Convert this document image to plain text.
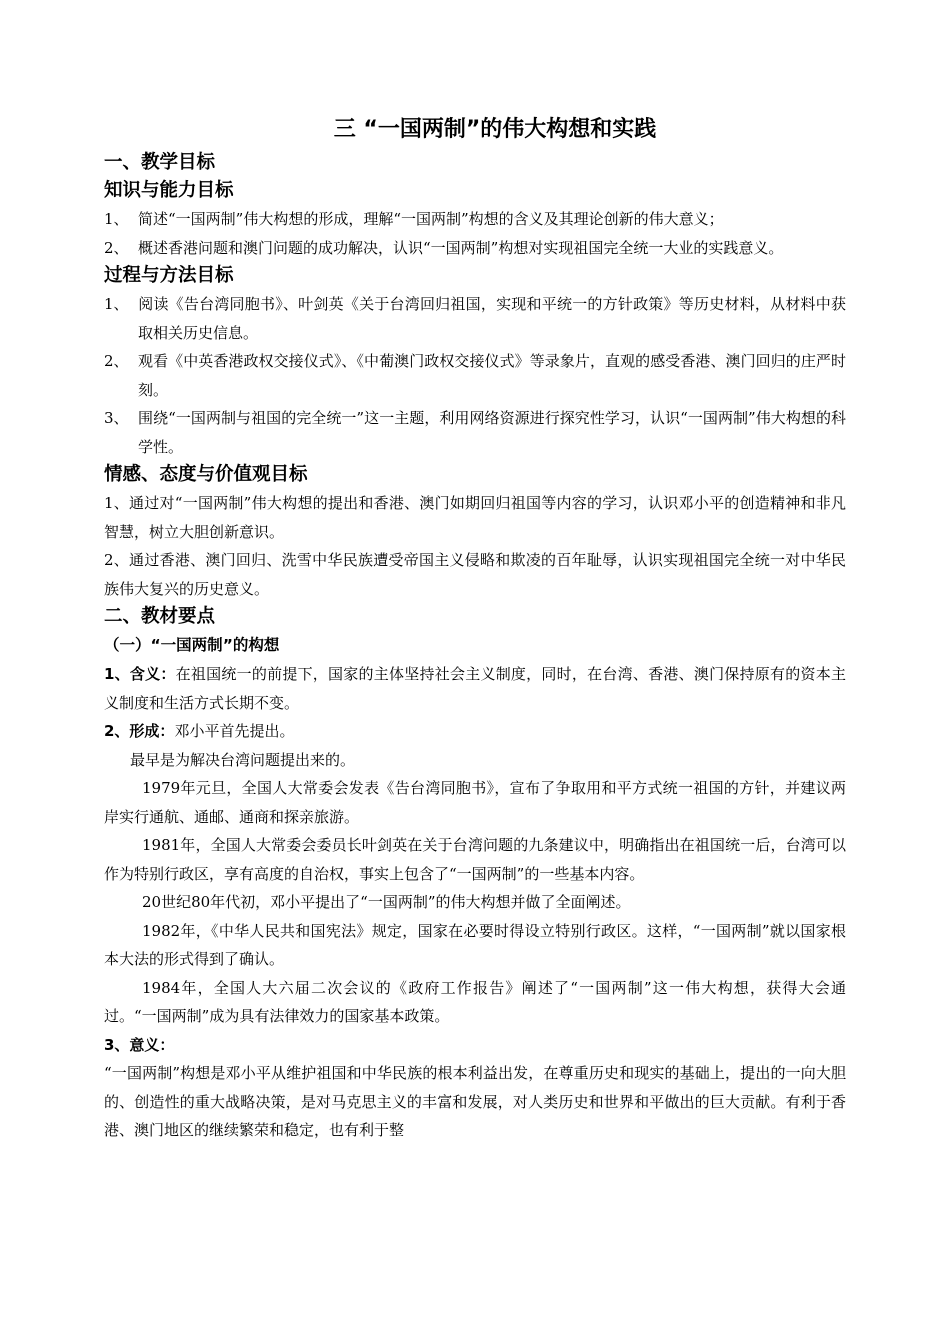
三 “一国两制”的伟大构想和实践
一、教学目标
知识与能力目标

1、 简述“一国两制”伟大构想的形成，理解“一国两制”构想的含义及其理论创新的伟大意义；

2、 概述香港问题和澳门问题的成功解决，认识“一国两制”构想对实现祖国完全统一大业的实践意义。

过程与方法目标

1、 阅读《告台湾同胞书》、叶剑英《关于台湾回归祖国，实现和平统一的方针政策》等历史材料，从材料中获取相关历史信息。

2、 观看《中英香港政权交接仪式》、《中葡澳门政权交接仪式》等录象片，直观的感受香港、澳门回归的庄严时刻。

3、 围绕“一国两制与祖国的完全统一”这一主题，利用网络资源进行探究性学习，认识“一国两制”伟大构想的科学性。

情感、态度与价值观目标

1、通过对“一国两制”伟大构想的提出和香港、澳门如期回归祖国等内容的学习，认识邓小平的创造精神和非凡智慧，树立大胆创新意识。

2、通过香港、澳门回归、洗雪中华民族遭受帝国主义侵略和欺凌的百年耻辱，认识实现祖国完全统一对中华民族伟大复兴的历史意义。

二、教材要点
（一）“一国两制”的构想

1、含义：在祖国统一的前提下，国家的主体坚持社会主义制度，同时，在台湾、香港、澳门保持原有的资本主义制度和生活方式长期不变。

2、形成：邓小平首先提出。

最早是为解决台湾问题提出来的。

1979年元旦，全国人大常委会发表《告台湾同胞书》，宣布了争取用和平方式统一祖国的方针，并建议两岸实行通航、通邮、通商和探亲旅游。

1981年，全国人大常委会委员长叶剑英在关于台湾问题的九条建议中，明确指出在祖国统一后，台湾可以作为特别行政区，享有高度的自治权，事实上包含了“一国两制”的一些基本内容。

20世纪80年代初，邓小平提出了“一国两制”的伟大构想并做了全面阐述。

1982年，《中华人民共和国宪法》规定，国家在必要时得设立特别行政区。这样，“一国两制”就以国家根本大法的形式得到了确认。

1984年，全国人大六届二次会议的《政府工作报告》阐述了“一国两制”这一伟大构想，获得大会通过。“一国两制”成为具有法律效力的国家基本政策。

3、意义：

“一国两制”构想是邓小平从维护祖国和中华民族的根本利益出发，在尊重历史和现实的基础上，提出的一向大胆的、创造性的重大战略决策，是对马克思主义的丰富和发展，对人类历史和世界和平做出的巨大贡献。有利于香港、澳门地区的继续繁荣和稳定，也有利于整
